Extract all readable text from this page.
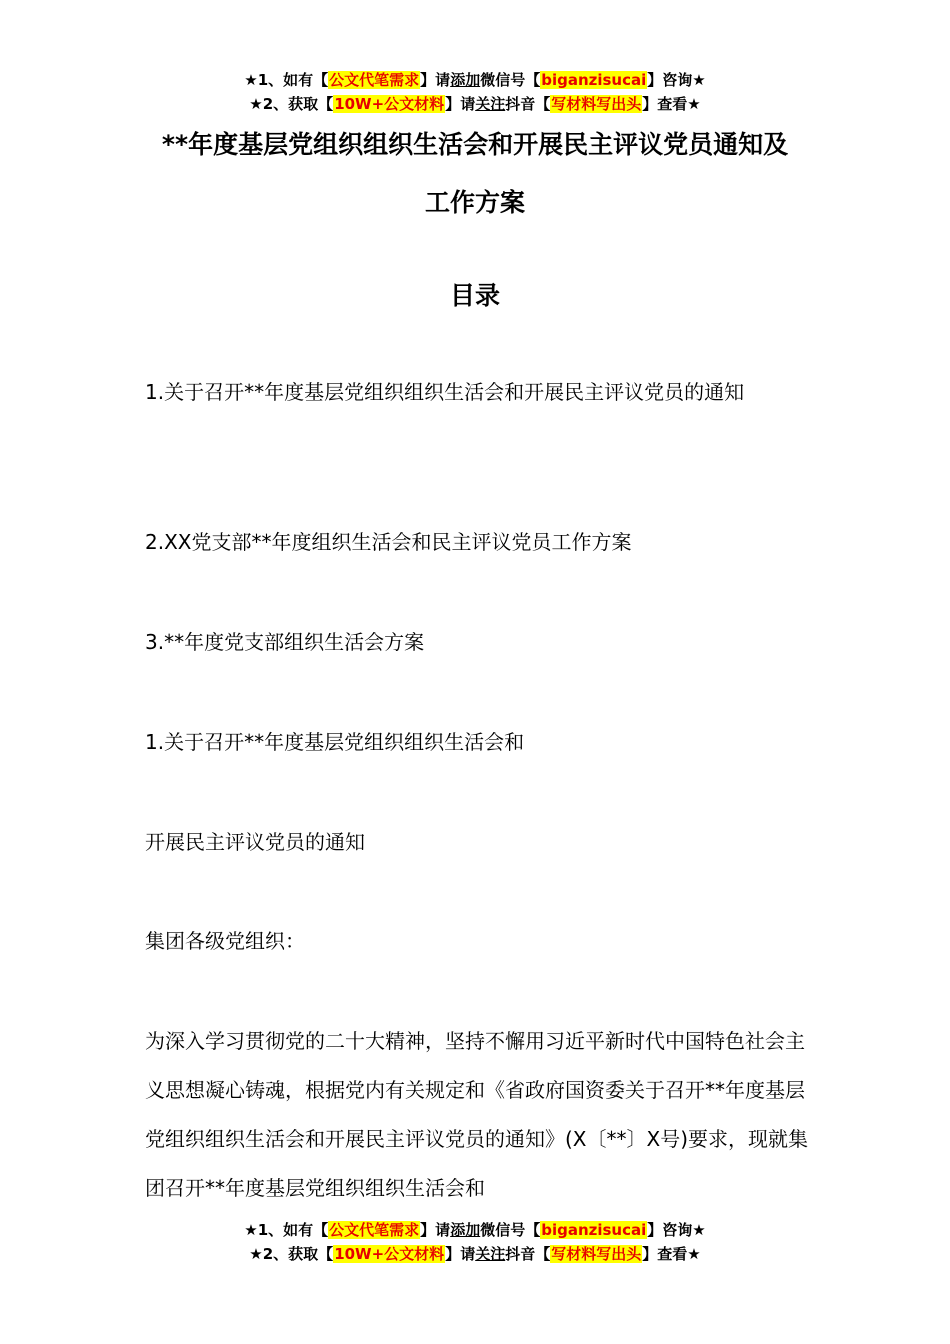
★1、如有【公文代笔需求】请添加微信号【biganzisucai】咨询★
★2、获取【10W+公文材料】请关注抖音【写材料写出头】查看★
**年度基层党组织组织生活会和开展民主评议党员通知及
工作方案
目录

1.关于召开**年度基层党组织组织生活会和开展民主评议党员的通知

2.XX党支部**年度组织生活会和民主评议党员工作方案

3.**年度党支部组织生活会方案

1.关于召开**年度基层党组织组织生活会和

开展民主评议党员的通知

集团各级党组织：

为深入学习贯彻党的二十大精神，坚持不懈用习近平新时代中国特色社会主义思想凝心铸魂，根据党内有关规定和《省政府国资委关于召开**年度基层党组织组织生活会和开展民主评议党员的通知》(X〔**〕X号)要求，现就集团召开**年度基层党组织组织生活会和

★1、如有【公文代笔需求】请添加微信号【biganzisucai】咨询★
★2、获取【10W+公文材料】请关注抖音【写材料写出头】查看★
